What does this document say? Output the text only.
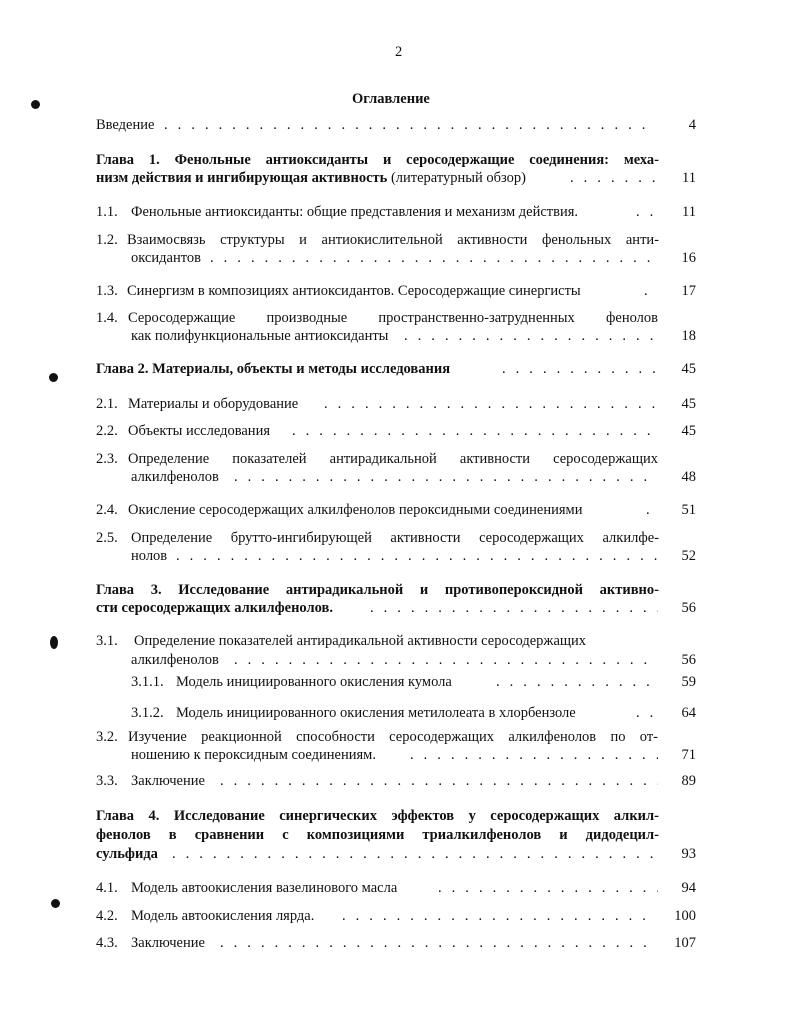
2
Оглавление
Введение . . .	4
Глава 1. Фенольные антиоксиданты и серосодержащие соединения: меха-
низм действия и ингибирующая активность (литературный обзор) . . .	11
1.1. Фенольные антиоксиданты: общие представления и механизм действия. . . .	11
1.2. Взаимосвязь структуры и антиокислительной активности фенольных анти-
оксидантов . . .	16
1.3. Синергизм в композициях антиоксидантов. Серосодержащие синергисты . . .	17
1.4. Серосодержащие производные пространственно-затрудненных фенолов
как полифункциональные антиоксиданты . . .	18
Глава 2. Материалы, объекты и методы исследования . . .	45
2.1. Материалы и оборудование . . .	45
2.2. Объекты исследования . . .	45
2.3. Определение показателей антирадикальной активности серосодержащих
алкилфенолов . . .	48
2.4. Окисление серосодержащих алкилфенолов пероксидными соединениями . . .	51
2.5. Определение брутто-ингибирующей активности серосодержащих алкилфе-
нолов . . .	52
Глава 3. Исследование антирадикальной и противопероксидной активно-
сти серосодержащих алкилфенолов. . . .	56
3.1. Определение показателей антирадикальной активности серосодержащих
алкилфенолов . . .	56
3.1.1. Модель инициированного окисления кумола . . .	59
3.1.2. Модель инициированного окисления метилолеата в хлорбензоле . . .	64
3.2. Изучение реакционной способности серосодержащих алкилфенолов по от-
ношению к пероксидным соединениям. . . .	71
3.3. Заключение . . .	89
Глава 4. Исследование синергических эффектов у серосодержащих алкил-
фенолов в сравнении с композициями триалкилфенолов и дидодецил-
сульфида . . .	93
4.1. Модель автоокисления вазелинового масла . . .	94
4.2. Модель автоокисления лярда. . . .	100
4.3. Заключение . . .	107
